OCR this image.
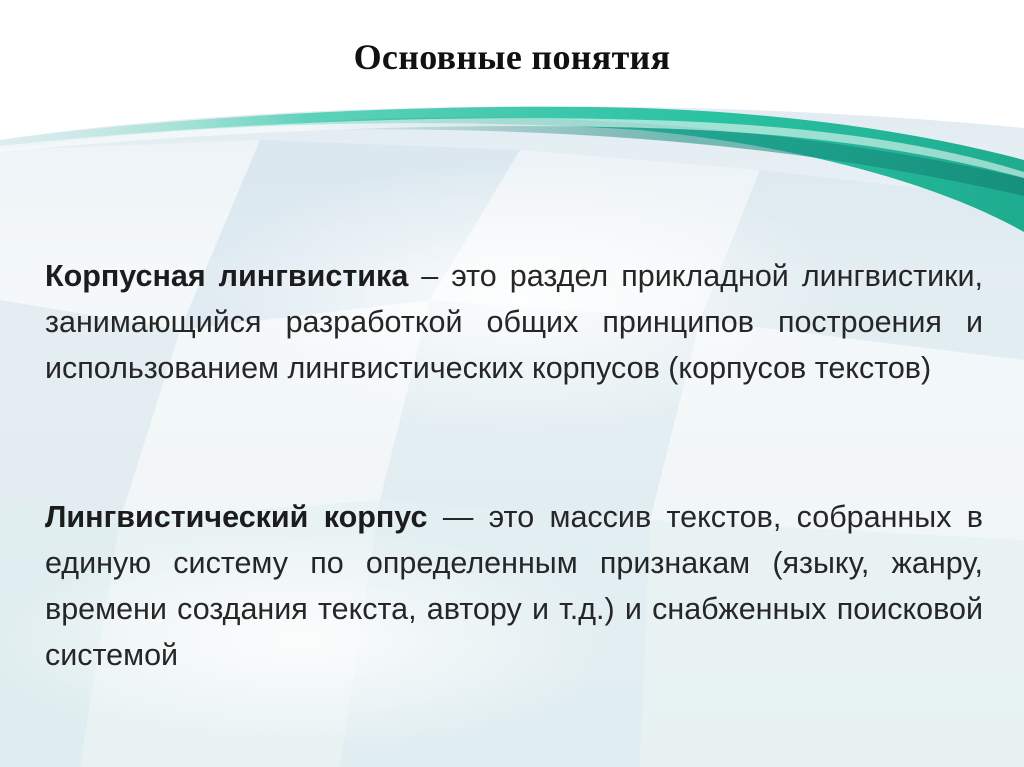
Основные понятия

Корпусная лингвистика – это раздел прикладной лингвистики, занимающийся разработкой общих принципов построения и использованием лингвистических корпусов (корпусов текстов)

Лингвистический корпус — это массив текстов, собранных в единую систему по определенным признакам (языку, жанру, времени создания текста, автору и т.д.) и снабженных поисковой системой
